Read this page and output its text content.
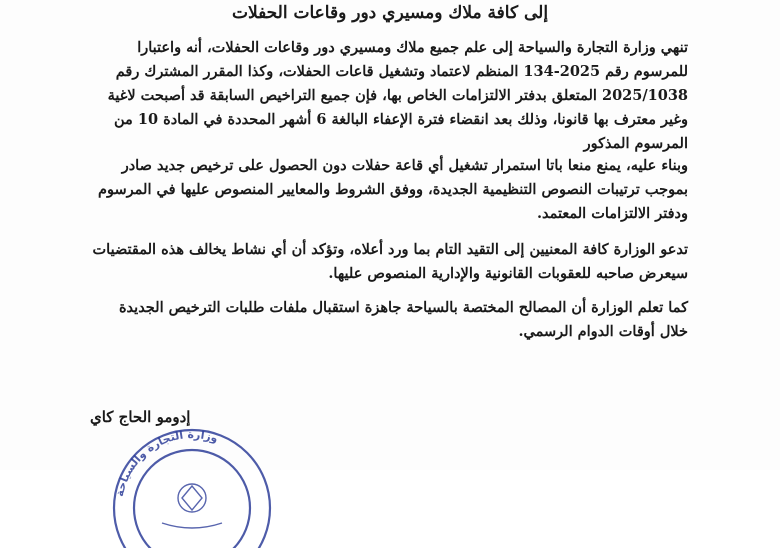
إلى كافة ملاك ومسيري دور وقاعات الحفلات
تنهي وزارة التجارة والسياحة إلى علم جميع ملاك ومسيري دور وقاعات الحفلات، أنه واعتبارا للمرسوم رقم 2025-134 المنظم لاعتماد وتشغيل قاعات الحفلات، وكذا المقرر المشترك رقم 2025/1038 المتعلق بدفتر الالتزامات الخاص بها، فإن جميع التراخيص السابقة قد أصبحت لاغية وغير معترف بها قانونا، وذلك بعد انقضاء فترة الإعفاء البالغة 6 أشهر المحددة في المادة 10 من المرسوم المذكور
وبناء عليه، يمنع منعا باتا استمرار تشغيل أي قاعة حفلات دون الحصول على ترخيص جديد صادر بموجب ترتيبات النصوص التنظيمية الجديدة، ووفق الشروط والمعايير المنصوص عليها في المرسوم ودفتر الالتزامات المعتمد.
تدعو الوزارة كافة المعنيين إلى التقيد التام بما ورد أعلاه، وتؤكد أن أي نشاط يخالف هذه المقتضيات سيعرض صاحبه للعقوبات القانونية والإدارية المنصوص عليها.
كما تعلم الوزارة أن المصالح المختصة بالسياحة جاهزة استقبال ملفات طلبات الترخيص الجديدة خلال أوقات الدوام الرسمي.
وزارة التجارة والسياحة
إدومو الحاج كاي
